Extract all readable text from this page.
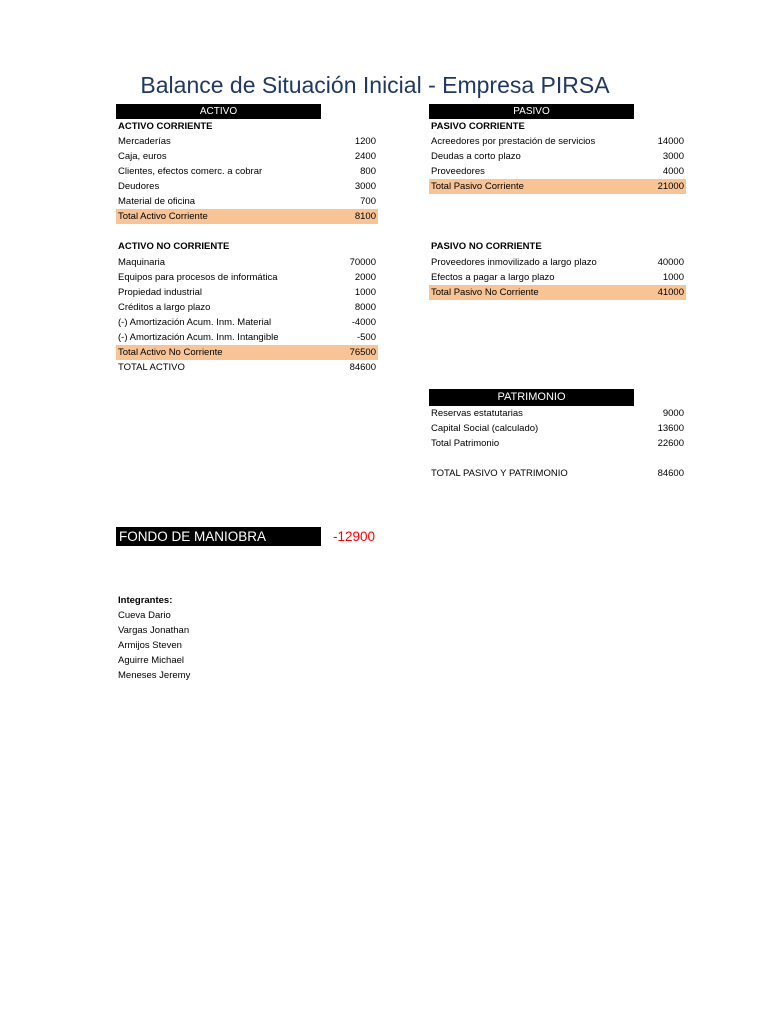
Balance de Situación Inicial - Empresa PIRSA
ACTIVO
ACTIVO CORRIENTE
Mercaderías	1200
Caja, euros	2400
Clientes, efectos comerc. a cobrar	800
Deudores	3000
Material de oficina	700
Total Activo Corriente	8100
ACTIVO NO CORRIENTE
Maquinaria	70000
Equipos para procesos de informática	2000
Propiedad industrial	1000
Créditos a largo plazo	8000
(-) Amortización Acum. Inm. Material	-4000
(-) Amortización Acum. Inm. Intangible	-500
Total Activo No Corriente	76500
TOTAL ACTIVO	84600
PASIVO
PASIVO CORRIENTE
Acreedores por prestación de servicios	14000
Deudas a corto plazo	3000
Proveedores	4000
Total Pasivo Corriente	21000
PASIVO NO CORRIENTE
Proveedores inmovilizado a largo plazo	40000
Efectos a pagar a largo plazo	1000
Total Pasivo No Corriente	41000
PATRIMONIO
Reservas estatutarias	9000
Capital Social (calculado)	13600
Total Patrimonio	22600
TOTAL PASIVO Y PATRIMONIO	84600
FONDO DE MANIOBRA	-12900
Integrantes:
Cueva Dario
Vargas Jonathan
Armijos Steven
Aguirre Michael
Meneses Jeremy
